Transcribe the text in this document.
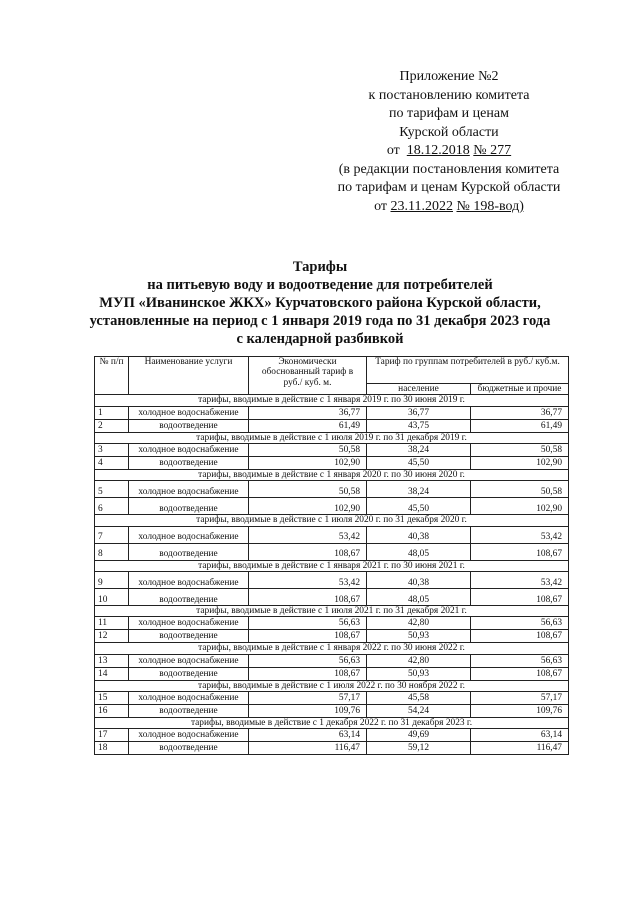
Приложение №2
к постановлению комитета
по тарифам и ценам
Курской области
от 18.12.2018 № 277
(в редакции постановления комитета
по тарифам и ценам Курской области
от 23.11.2022 № 198-вод)
Тарифы
на питьевую воду и водоотведение для потребителей
МУП «Иванинское ЖКХ» Курчатовского района Курской области,
установленные на период с 1 января 2019 года по 31 декабря 2023 года
с календарной разбивкой
№ п/п	Наименование услуги	Экономически обоснованный тариф в руб./ куб. м.	Тариф по группам потребителей в руб./ куб.м.	
			население	бюджетные и прочие
тарифы, вводимые в действие с 1 января 2019 г. по 30 июня 2019 г.				
1	холодное водоснабжение	36,77	36,77	36,77
2	водоотведение	61,49	43,75	61,49
тарифы, вводимые в действие с 1 июля 2019 г. по 31 декабря 2019 г.				
3	холодное водоснабжение	50,58	38,24	50,58
4	водоотведение	102,90	45,50	102,90
тарифы, вводимые в действие с 1 января 2020 г. по 30 июня 2020 г.				
5	холодное водоснабжение	50,58	38,24	50,58
6	водоотведение	102,90	45,50	102,90
тарифы, вводимые в действие с 1 июля 2020 г. по 31 декабря 2020 г.				
7	холодное водоснабжение	53,42	40,38	53,42
8	водоотведение	108,67	48,05	108,67
тарифы, вводимые в действие с 1 января 2021 г. по 30 июня 2021 г.				
9	холодное водоснабжение	53,42	40,38	53,42
10	водоотведение	108,67	48,05	108,67
тарифы, вводимые в действие с 1 июля 2021 г. по 31 декабря 2021 г.				
11	холодное водоснабжение	56,63	42,80	56,63
12	водоотведение	108,67	50,93	108,67
тарифы, вводимые в действие с 1 января 2022 г. по 30 июня 2022 г.				
13	холодное водоснабжение	56,63	42,80	56,63
14	водоотведение	108,67	50,93	108,67
тарифы, вводимые в действие с 1 июля 2022 г. по 30 ноября 2022 г.				
15	холодное водоснабжение	57,17	45,58	57,17
16	водоотведение	109,76	54,24	109,76
тарифы, вводимые в действие с 1 декабря 2022 г. по 31 декабря 2023 г.				
17	холодное водоснабжение	63,14	49,69	63,14
18	водоотведение	116,47	59,12	116,47
